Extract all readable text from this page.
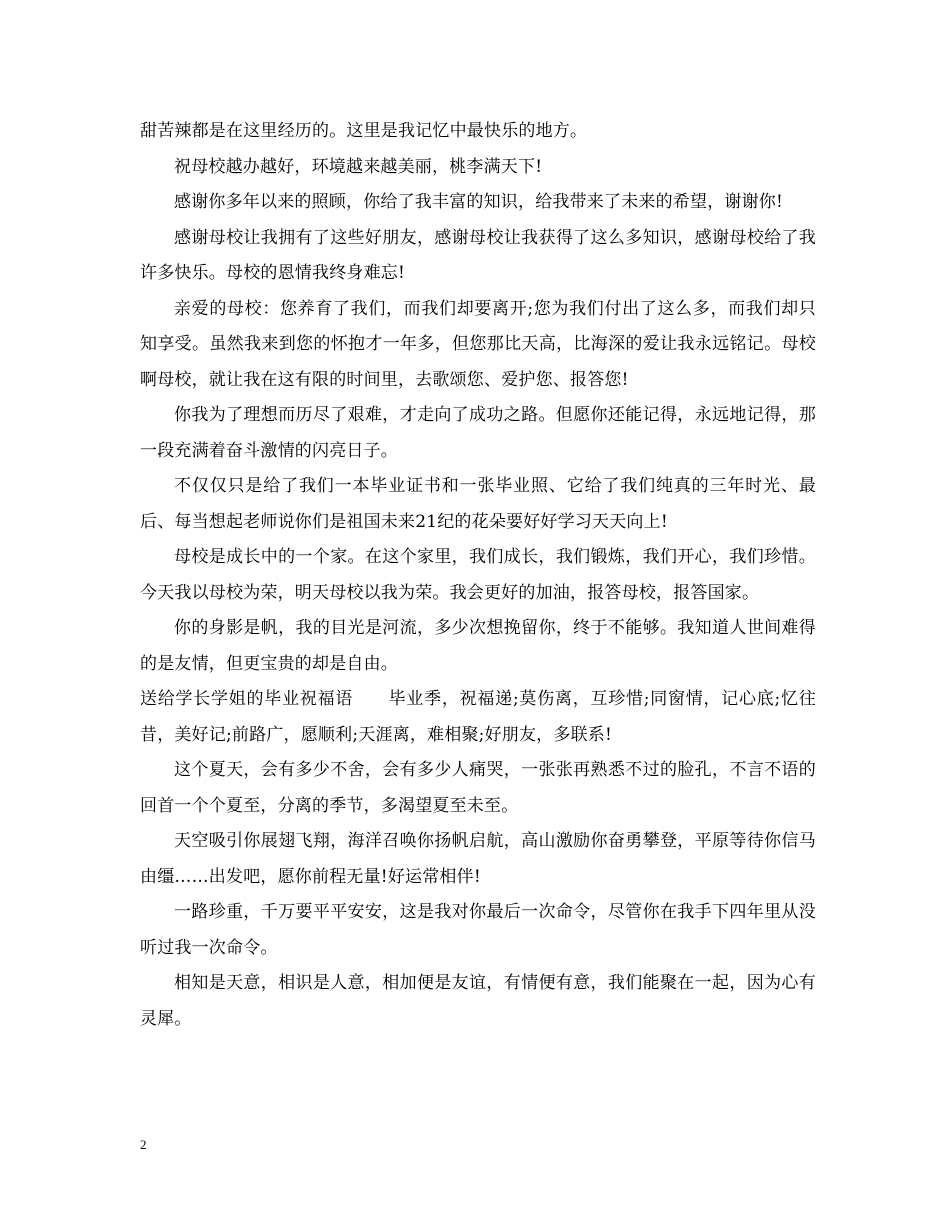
甜苦辣都是在这里经历的。这里是我记忆中最快乐的地方。

祝母校越办越好，环境越来越美丽，桃李满天下!

感谢你多年以来的照顾，你给了我丰富的知识，给我带来了未来的希望，谢谢你!

感谢母校让我拥有了这些好朋友，感谢母校让我获得了这么多知识，感谢母校给了我许多快乐。母校的恩情我终身难忘!

亲爱的母校：您养育了我们，而我们却要离开;您为我们付出了这么多，而我们却只知享受。虽然我来到您的怀抱才一年多，但您那比天高，比海深的爱让我永远铭记。母校啊母校，就让我在这有限的时间里，去歌颂您、爱护您、报答您!

你我为了理想而历尽了艰难，才走向了成功之路。但愿你还能记得，永远地记得，那一段充满着奋斗激情的闪亮日子。

不仅仅只是给了我们一本毕业证书和一张毕业照、它给了我们纯真的三年时光、最后、每当想起老师说你们是祖国未来21纪的花朵要好好学习天天向上!

母校是成长中的一个家。在这个家里，我们成长，我们锻炼，我们开心，我们珍惜。今天我以母校为荣，明天母校以我为荣。我会更好的加油，报答母校，报答国家。

你的身影是帆，我的目光是河流，多少次想挽留你，终于不能够。我知道人世间难得的是友情，但更宝贵的却是自由。

送给学长学姐的毕业祝福语　　毕业季，祝福递;莫伤离，互珍惜;同窗情，记心底;忆往昔，美好记;前路广，愿顺利;天涯离，难相聚;好朋友，多联系!

这个夏天，会有多少不舍，会有多少人痛哭，一张张再熟悉不过的脸孔，不言不语的回首一个个夏至，分离的季节，多渴望夏至未至。

天空吸引你展翅飞翔，海洋召唤你扬帆启航，高山激励你奋勇攀登，平原等待你信马由缰……出发吧，愿你前程无量!好运常相伴!

一路珍重，千万要平平安安，这是我对你最后一次命令，尽管你在我手下四年里从没听过我一次命令。

相知是天意，相识是人意，相加便是友谊，有情便有意，我们能聚在一起，因为心有灵犀。

2
